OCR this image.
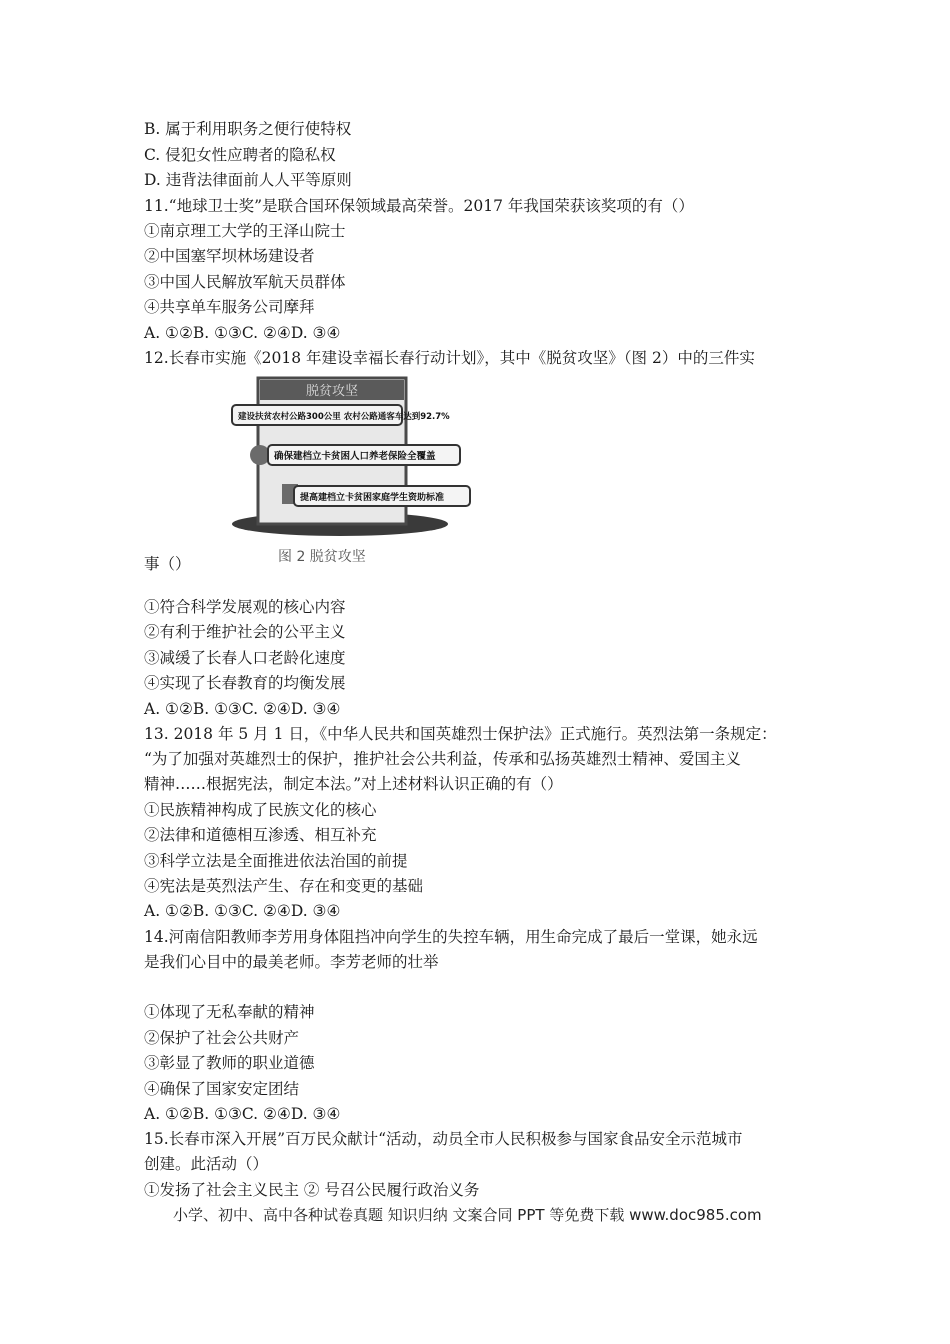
B. 属于利用职务之便行使特权
C. 侵犯女性应聘者的隐私权
D. 违背法律面前人人平等原则
11.“地球卫士奖”是联合国环保领域最高荣誉。2017 年我国荣获该奖项的有（）
①南京理工大学的王泽山院士
②中国塞罕坝林场建设者
③中国人民解放军航天员群体
④共享单车服务公司摩拜
A. ①②B. ①③C. ②④D. ③④
12.长春市实施《2018 年建设幸福长春行动计划》，其中《脱贫攻坚》（图 2）中的三件实
脱贫攻坚
建设扶贫农村公路300公里 农村公路通客车达到92.7%
确保建档立卡贫困人口养老保险全覆盖
提高建档立卡贫困家庭学生资助标准
图 2 脱贫攻坚
事（）
①符合科学发展观的核心内容
②有利于维护社会的公平主义
③减缓了长春人口老龄化速度
④实现了长春教育的均衡发展
A. ①②B. ①③C. ②④D. ③④
13. 2018 年 5 月 1 日，《中华人民共和国英雄烈士保护法》正式施行。英烈法第一条规定：
“为了加强对英雄烈士的保护，推护社会公共利益，传承和弘扬英雄烈士精神、爱国主义
精神……根据宪法，制定本法。”对上述材料认识正确的有（）
①民族精神构成了民族文化的核心
②法律和道德相互渗透、相互补充
③科学立法是全面推进依法治国的前提
④宪法是英烈法产生、存在和变更的基础
A. ①②B. ①③C. ②④D. ③④
14.河南信阳教师李芳用身体阻挡冲向学生的失控车辆，用生命完成了最后一堂课，她永远
是我们心目中的最美老师。李芳老师的壮举
①体现了无私奉献的精神
②保护了社会公共财产
③彰显了教师的职业道德
④确保了国家安定团结
A. ①②B. ①③C. ②④D. ③④
15.长春市深入开展”百万民众献计“活动，动员全市人民积极参与国家食品安全示范城市
创建。此活动（）
①发扬了社会主义民主 ② 号召公民履行政治义务
小学、初中、高中各种试卷真题 知识归纳 文案合同 PPT 等免费下载 www.doc985.com
